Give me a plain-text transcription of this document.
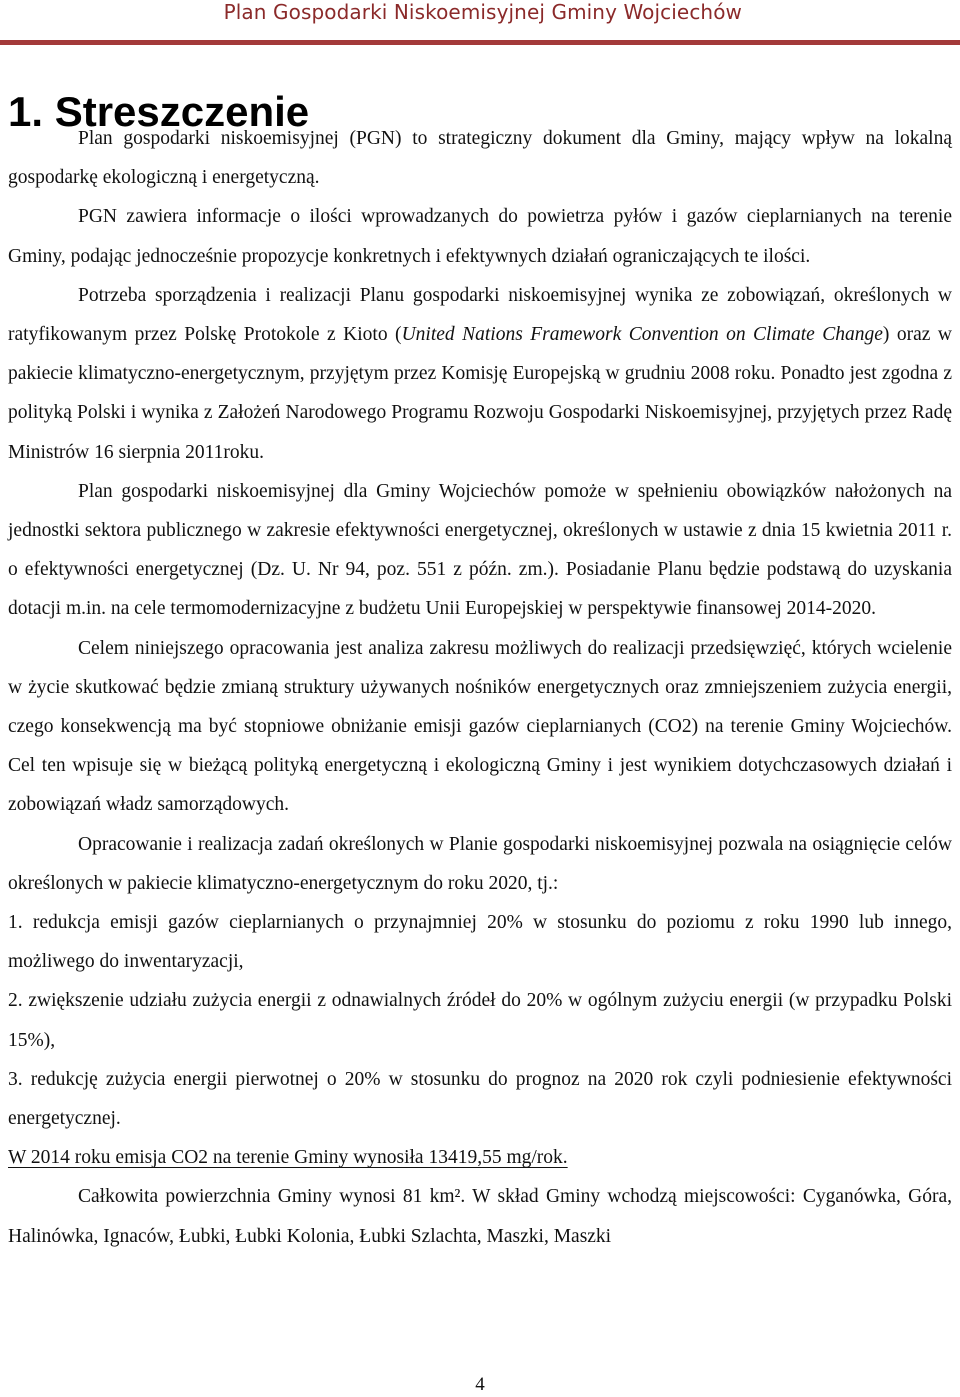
Plan Gospodarki Niskoemisyjnej Gminy Wojciechów
1. Streszczenie

Plan gospodarki niskoemisyjnej (PGN) to strategiczny dokument dla Gminy, mający wpływ na lokalną gospodarkę ekologiczną i energetyczną.

PGN zawiera informacje o ilości wprowadzanych do powietrza pyłów i gazów cieplarnianych na terenie Gminy, podając jednocześnie propozycje konkretnych i efektywnych działań ograniczających te ilości.

Potrzeba sporządzenia i realizacji Planu gospodarki niskoemisyjnej wynika ze zobowiązań, określonych w ratyfikowanym przez Polskę Protokole z Kioto (United Nations Framework Convention on Climate Change) oraz w pakiecie klimatyczno-energetycznym, przyjętym przez Komisję Europejską w grudniu 2008 roku. Ponadto jest zgodna z polityką Polski i wynika z Założeń Narodowego Programu Rozwoju Gospodarki Niskoemisyjnej, przyjętych przez Radę Ministrów 16 sierpnia 2011roku.

Plan gospodarki niskoemisyjnej dla Gminy Wojciechów pomoże w spełnieniu obowiązków nałożonych na jednostki sektora publicznego w zakresie efektywności energetycznej, określonych w ustawie z dnia 15 kwietnia 2011 r. o efektywności energetycznej (Dz. U. Nr 94, poz. 551 z późn. zm.). Posiadanie Planu będzie podstawą do uzyskania dotacji m.in. na cele termomodernizacyjne z budżetu Unii Europejskiej w perspektywie finansowej 2014-2020.

Celem niniejszego opracowania jest analiza zakresu możliwych do realizacji przedsięwzięć, których wcielenie w życie skutkować będzie zmianą struktury używanych nośników energetycznych oraz zmniejszeniem zużycia energii, czego konsekwencją ma być stopniowe obniżanie emisji gazów cieplarnianych (CO2) na terenie Gminy Wojciechów. Cel ten wpisuje się w bieżącą polityką energetyczną i ekologiczną Gminy i jest wynikiem dotychczasowych działań i zobowiązań władz samorządowych.

Opracowanie i realizacja zadań określonych w Planie gospodarki niskoemisyjnej pozwala na osiągnięcie celów określonych w pakiecie klimatyczno-energetycznym do roku 2020, tj.:

1. redukcja emisji gazów cieplarnianych o przynajmniej 20% w stosunku do poziomu z roku 1990 lub innego, możliwego do inwentaryzacji,

2. zwiększenie udziału zużycia energii z odnawialnych źródeł do 20% w ogólnym zużyciu energii (w przypadku Polski 15%),

3. redukcję zużycia energii pierwotnej o 20% w stosunku do prognoz na 2020 rok czyli podniesienie efektywności energetycznej.

W 2014 roku emisja CO2 na terenie Gminy wynosiła 13419,55 mg/rok.

Całkowita powierzchnia Gminy wynosi 81 km². W skład Gminy wchodzą miejscowości: Cyganówka, Góra, Halinówka, Ignaców, Łubki, Łubki Kolonia, Łubki Szlachta, Maszki, Maszki

4
